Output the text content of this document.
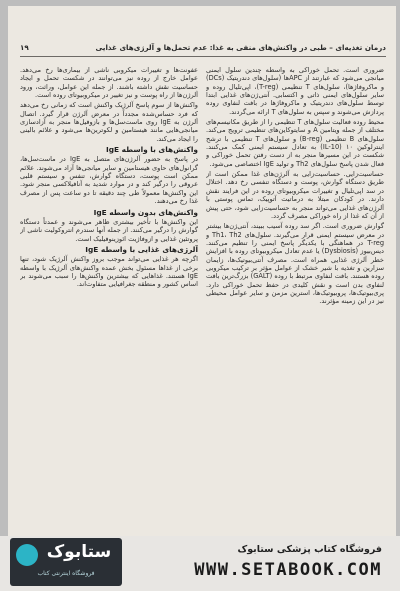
درمان تغذیه‌ای – طبی در واکنش‌های منفی به غذا: عدم تحمل‌ها و آلرژی‌های غذایی
۱۹

ضروری است. تحمل خوراکی به واسطه چندین سلول ایمنی میانجی می‌شود که عبارتند از APCها (سلول‌های دندریتیک (DCs) و ماکروفاژها)، سلول‌های T تنظیمی (T-reg)، اپی‌تلیال روده و سایر سلول‌های ایمنی ذاتی و اکتسابی. آنتی‌ژن‌های غذایی ابتدا توسط سلول‌های دندریتیک و ماکروفاژها در بافت لنفاوی روده پردازش می‌شوند و سپس به سلول‌های T ارائه می‌گردند.

محیط روده فعالیت سلول‌های T تنظیمی را از طریق مکانیسم‌های مختلف از جمله ویتامین A و سایتوکاین‌های تنظیمی ترویج می‌کند. سلول‌های B تنظیمی (B-reg) و سلول‌های T تنظیمی با ترشح اینترلوکین ۱۰ (IL-10) به تعادل سیستم ایمنی کمک می‌کنند. شکست در این مسیرها منجر به از دست رفتن تحمل خوراکی و فعال شدن پاسخ سلول‌های Th2 و تولید IgE اختصاصی می‌شود.

حساسیت‌زایی. حساسیت‌زایی به آلرژن‌های غذا ممکن است از طریق دستگاه گوارش، پوست و دستگاه تنفسی رخ دهد. اختلال در سد اپی‌تلیال و تغییرات میکروبیوتای روده در این فرایند نقش دارند. در کودکان مبتلا به درماتیت آتوپیک، تماس پوستی با آلرژن‌های غذایی می‌تواند منجر به حساسیت‌زایی شود، حتی پیش از آن که غذا از راه خوراکی مصرف گردد.

گوارش ضروری است. اگر سد روده آسیب ببیند، آنتی‌ژن‌ها بیشتر در معرض سیستم ایمنی قرار می‌گیرند. سلول‌های Th1، Th2 و T-reg در هماهنگی با یکدیگر پاسخ ایمنی را تنظیم می‌کنند. دیس‌بیوز (Dysbiosis) یا عدم تعادل میکروبیوتای روده با افزایش خطر آلرژی غذایی همراه است. مصرف آنتی‌بیوتیک‌ها، زایمان سزارین و تغذیه با شیر خشک از عوامل مؤثر بر ترکیب میکروبی روده هستند. بافت لنفاوی مرتبط با روده (GALT) بزرگ‌ترین بافت لنفاوی بدن است و نقش کلیدی در حفظ تحمل خوراکی دارد. پری‌بیوتیک‌ها، پروبیوتیک‌ها، استرین مزمن و سایر عوامل محیطی نیز در این زمینه مؤثرند.

عفونت‌ها و تغییرات میکروبی ناشی از بیماری‌ها رخ می‌دهد. عوامل خارج از روده نیز می‌توانند در شکست تحمل و ایجاد حساسیت نقش داشته باشند. از جمله این عوامل، وراثت، ورود آلرژن‌ها از راه پوست و نیز تغییر در میکروبیوتای روده است.

واکنش‌ها از سوم پاسخ آلرژیک واکنش است که زمانی رخ می‌دهد که فرد حساس‌شده مجدداً در معرض آلرژن قرار گیرد. اتصال آلرژن به IgE روی ماست‌سل‌ها و بازوفیل‌ها منجر به آزادسازی میانجی‌هایی مانند هیستامین و لکوترین‌ها می‌شود و علائم بالینی را ایجاد می‌کند.

واکنش‌های با واسطه IgE

در پاسخ به حضور آلرژن‌های متصل به IgE در ماست‌سل‌ها، گرانول‌های حاوی هیستامین و سایر میانجی‌ها آزاد می‌شوند. علائم ممکن است پوست، دستگاه گوارش، تنفس و سیستم قلبی عروقی را درگیر کند و در موارد شدید به آنافیلاکسی منجر شود. این واکنش‌ها معمولاً طی چند دقیقه تا دو ساعت پس از مصرف غذا رخ می‌دهند.

واکنش‌های بدون واسطه IgE

این واکنش‌ها با تأخیر بیشتری ظاهر می‌شوند و عمدتاً دستگاه گوارش را درگیر می‌کنند. از جمله آنها سندرم انتروکولیت ناشی از پروتئین غذایی و ازوفاژیت ائوزینوفیلیک است.

آلرژی‌های غذایی با واسطه IgE

اگرچه هر غذایی می‌تواند موجب بروز واکنش آلرژیک شود، تنها برخی از غذاها مسئول بخش عمده واکنش‌های آلرژیک با واسطه IgE هستند. غذاهایی که بیشترین واکنش‌ها را سبب می‌شوند بر اساس کشور و منطقه جغرافیایی متفاوت‌اند.

ستابوک
فروشگاه اینترنتی کتاب
فروشگاه کتاب پزشکی ستابوک
WWW.SETABOOK.COM
